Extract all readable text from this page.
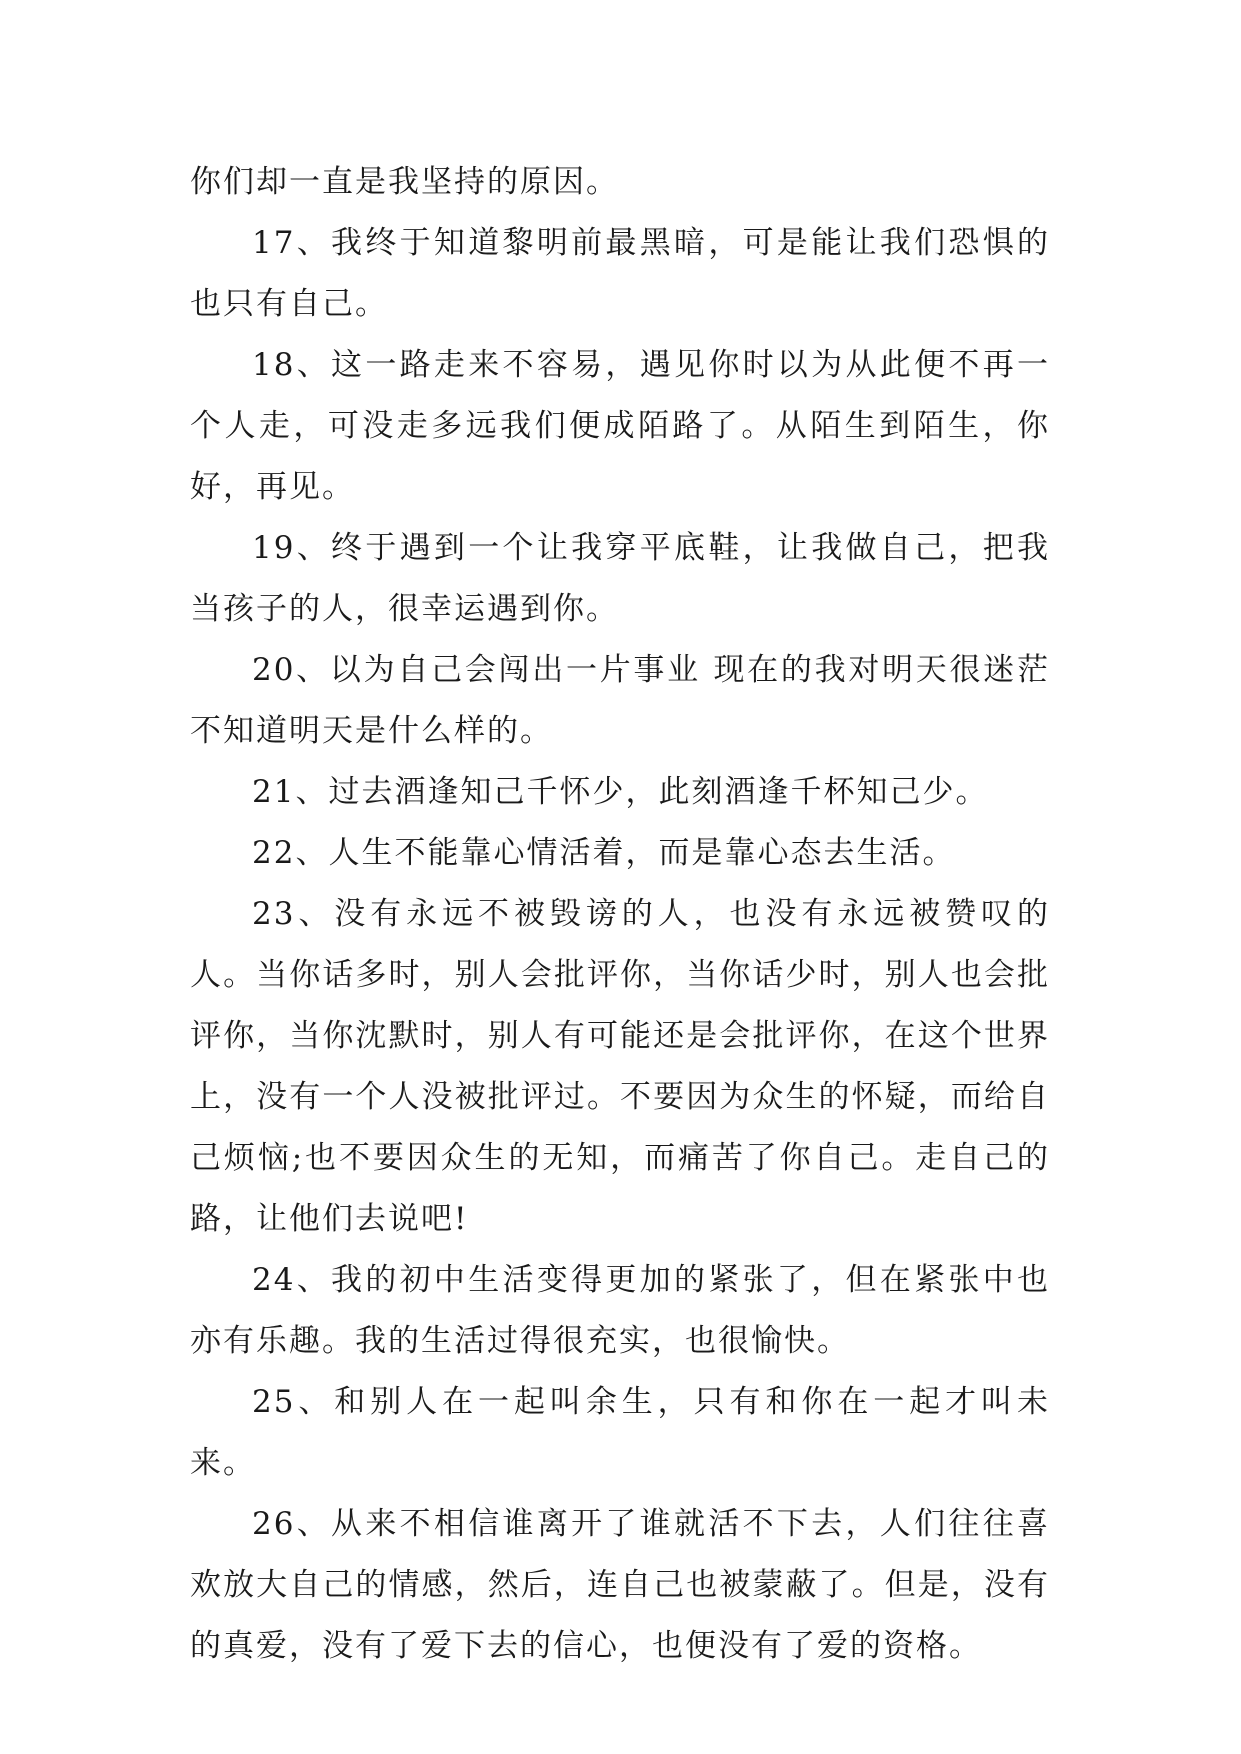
你们却一直是我坚持的原因。

17、我终于知道黎明前最黑暗，可是能让我们恐惧的也只有自己。

18、这一路走来不容易，遇见你时以为从此便不再一个人走，可没走多远我们便成陌路了。从陌生到陌生，你好，再见。

19、终于遇到一个让我穿平底鞋，让我做自己，把我当孩子的人，很幸运遇到你。

20、以为自己会闯出一片事业 现在的我对明天很迷茫不知道明天是什么样的。

21、过去酒逢知己千怀少，此刻酒逢千杯知己少。

22、人生不能靠心情活着，而是靠心态去生活。

23、没有永远不被毁谤的人，也没有永远被赞叹的人。当你话多时，别人会批评你，当你话少时，别人也会批评你，当你沈默时，别人有可能还是会批评你，在这个世界上，没有一个人没被批评过。不要因为众生的怀疑，而给自己烦恼;也不要因众生的无知，而痛苦了你自己。走自己的路，让他们去说吧!

24、我的初中生活变得更加的紧张了，但在紧张中也亦有乐趣。我的生活过得很充实，也很愉快。

25、和别人在一起叫余生，只有和你在一起才叫未来。

26、从来不相信谁离开了谁就活不下去，人们往往喜欢放大自己的情感，然后，连自己也被蒙蔽了。但是，没有的真爱，没有了爱下去的信心，也便没有了爱的资格。
